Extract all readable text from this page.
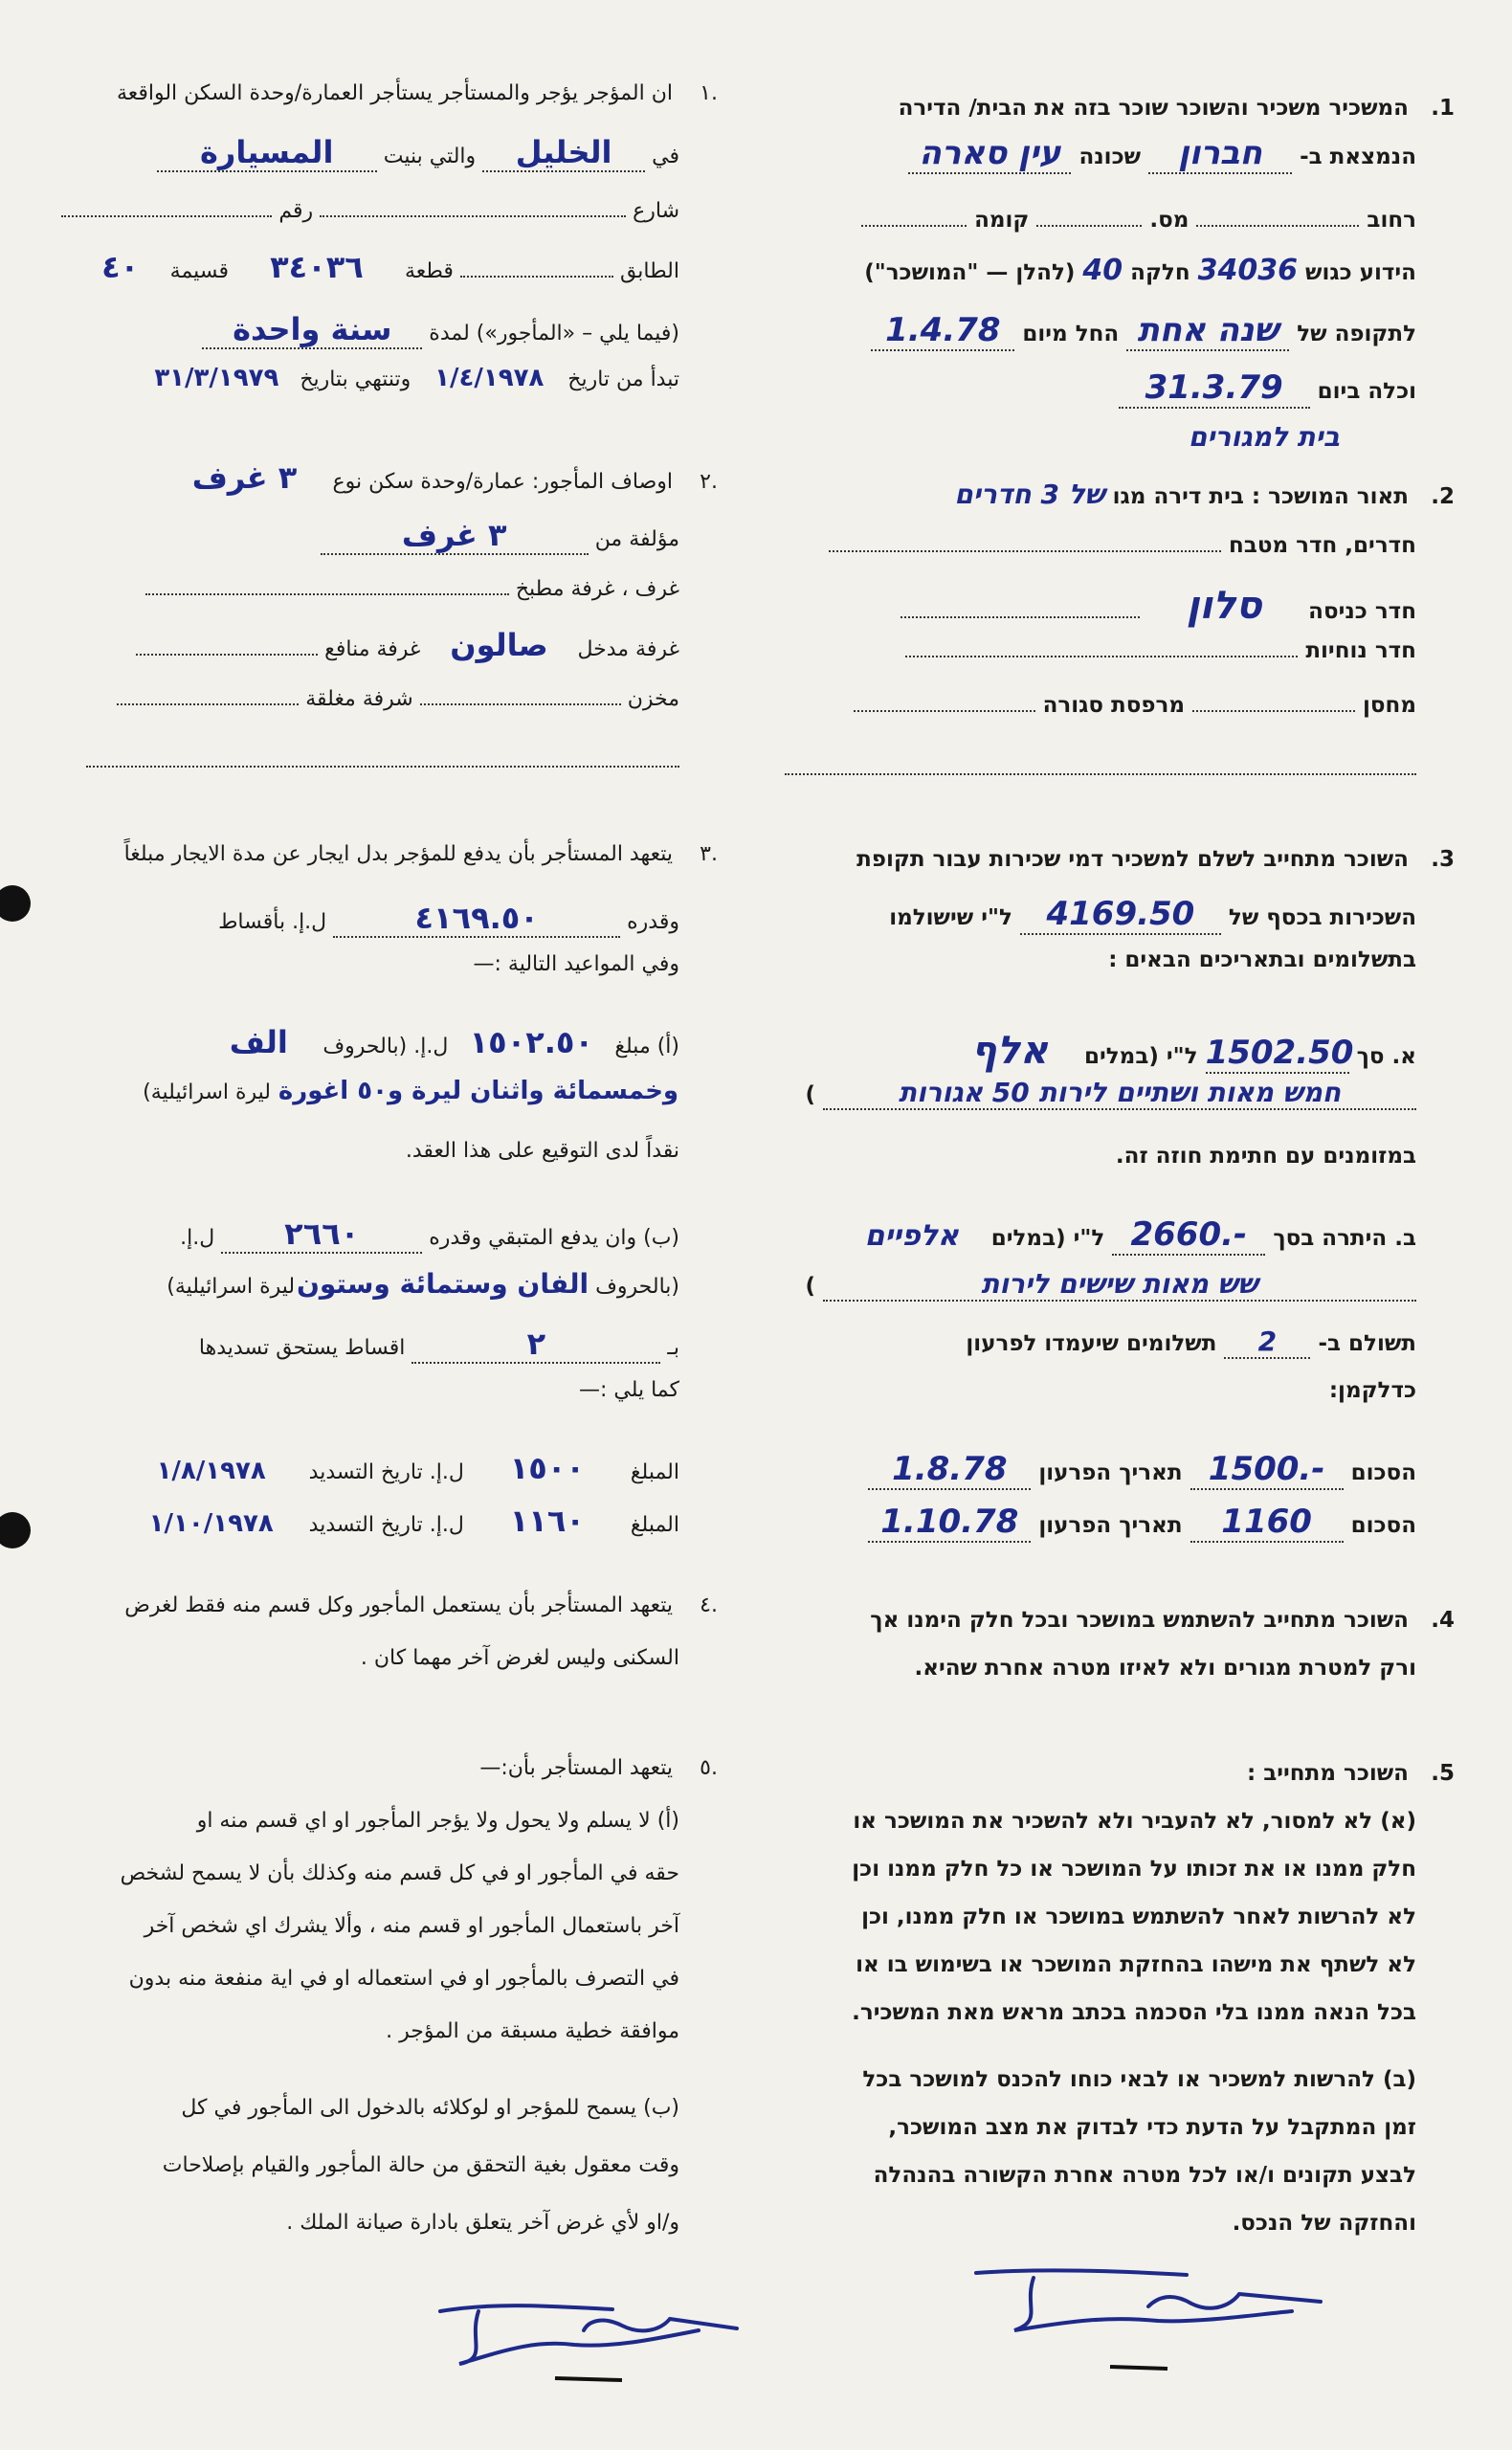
1. המשכיר משכיר והשוכר שוכר בזה את הבית/ הדירה
הנמצאת ב- חברון שכונה עין סארה
רחוב  מס.  קומה
הידוע כגוש 34036 חלקה 40 (להלן — "המושכר")
לתקופה של שנה אחת החל מיום 1.4.78
וכלה ביום 31.3.79
בית למגורים
2. תאור המושכר : בית דירה מגו של 3 חדרים
חדרים, חדר מטבח
חדר כניסה סלון
חדר נוחיות
מחסן  מרפסת סגורה
3. השוכר מתחייב לשלם למשכיר דמי שכירות עבור תקופת
השכירות בכסף של 4169.50 ל"י שישולמו
בתשלומים ובתאריכים הבאים :
א. סך 1502.50 ל"י (במלים אלף
חמש מאות ושתיים לירות 50 אגורות )
במזומנים עם חתימת חוזה זה.
ב. היתרה בסך 2660.- ל"י (במלים אלפיים
שש מאות שישים לירות )
תשולם ב- 2 תשלומים שיעמדו לפרעון
כדלקמן:
הסכום 1500.- תאריך הפרעון 1.8.78
הסכום 1160 תאריך הפרעון 1.10.78
4. השוכר מתחייב להשתמש במושכר ובכל חלק הימנו אך
ורק למטרת מגורים ולא לאיזו מטרה אחרת שהיא.
5. השוכר מתחייב :
(א) לא למסור, לא להעביר ולא להשכיר את המושכר או
חלק ממנו או את זכותו על המושכר או כל חלק ממנו וכן
לא להרשות לאחר להשתמש במושכר או חלק ממנו, וכן
לא לשתף את מישהו בהחזקת המושכר או בשימוש בו או
בכל הנאה ממנו בלי הסכמה בכתב מראש מאת המשכיר.
(ב) להרשות למשכיר או לבאי כוחו להכנס למושכר בכל
זמן המתקבל על הדעת כדי לבדוק את מצב המושכר,
לבצע תקונים ו/או לכל מטרה אחרת הקשורה בהנהלה
והחזקה של הנכס.
.١ ان المؤجر يؤجر والمستأجر يستأجر العمارة/وحدة السكن الواقعة
في الخليل والتي بنيت المسيارة
شارع  رقم
الطابق  قطعة ٣٤٠٣٦ قسيمة ٤٠
(فيما يلي – «المأجور») لمدة سنة واحدة
تبدأ من تاريخ ١/٤/١٩٧٨ وتنتهي بتاريخ ٣١/٣/١٩٧٩
.٢ اوصاف المأجور: عمارة/وحدة سكن نوع ٣ غرف
مؤلفة من ٣ غرف
غرف ، غرفة مطبخ
غرفة مدخل صالون غرفة منافع
مخزن  شرفة مغلقة
.٣ يتعهد المستأجر بأن يدفع للمؤجر بدل ايجار عن مدة الايجار مبلغاً
وقدره ٤١٦٩.٥٠ ل.إ. بأقساط
وفي المواعيد التالية :—
(أ) مبلغ ١٥٠٢.٥٠ ل.إ. (بالحروف الف
وخمسمائة واثنان ليرة و٥٠ اغورة ليرة اسرائيلية)
نقداً لدى التوقيع على هذا العقد.
(ب) وان يدفع المتبقي وقدره ٢٦٦٠ ل.إ.
(بالحروف الفان وستمائة وستون ليرة اسرائيلية)
بـ ٢ اقساط يستحق تسديدها
كما يلي :—
المبلغ ١٥٠٠ ل.إ. تاريخ التسديد ١/٨/١٩٧٨
المبلغ ١١٦٠ ل.إ. تاريخ التسديد ١/١٠/١٩٧٨
.٤ يتعهد المستأجر بأن يستعمل المأجور وكل قسم منه فقط لغرض
السكنى وليس لغرض آخر مهما كان .
.٥ يتعهد المستأجر بأن:—
(أ) لا يسلم ولا يحول ولا يؤجر المأجور او اي قسم منه او
حقه في المأجور او في كل قسم منه وكذلك بأن لا يسمح لشخص
آخر باستعمال المأجور او قسم منه ، وألا يشرك اي شخص آخر
في التصرف بالمأجور او في استعماله او في اية منفعة منه بدون
موافقة خطية مسبقة من المؤجر .
(ب) يسمح للمؤجر او لوكلائه بالدخول الى المأجور في كل
وقت معقول بغية التحقق من حالة المأجور والقيام بإصلاحات
و/او لأي غرض آخر يتعلق بادارة صيانة الملك .
